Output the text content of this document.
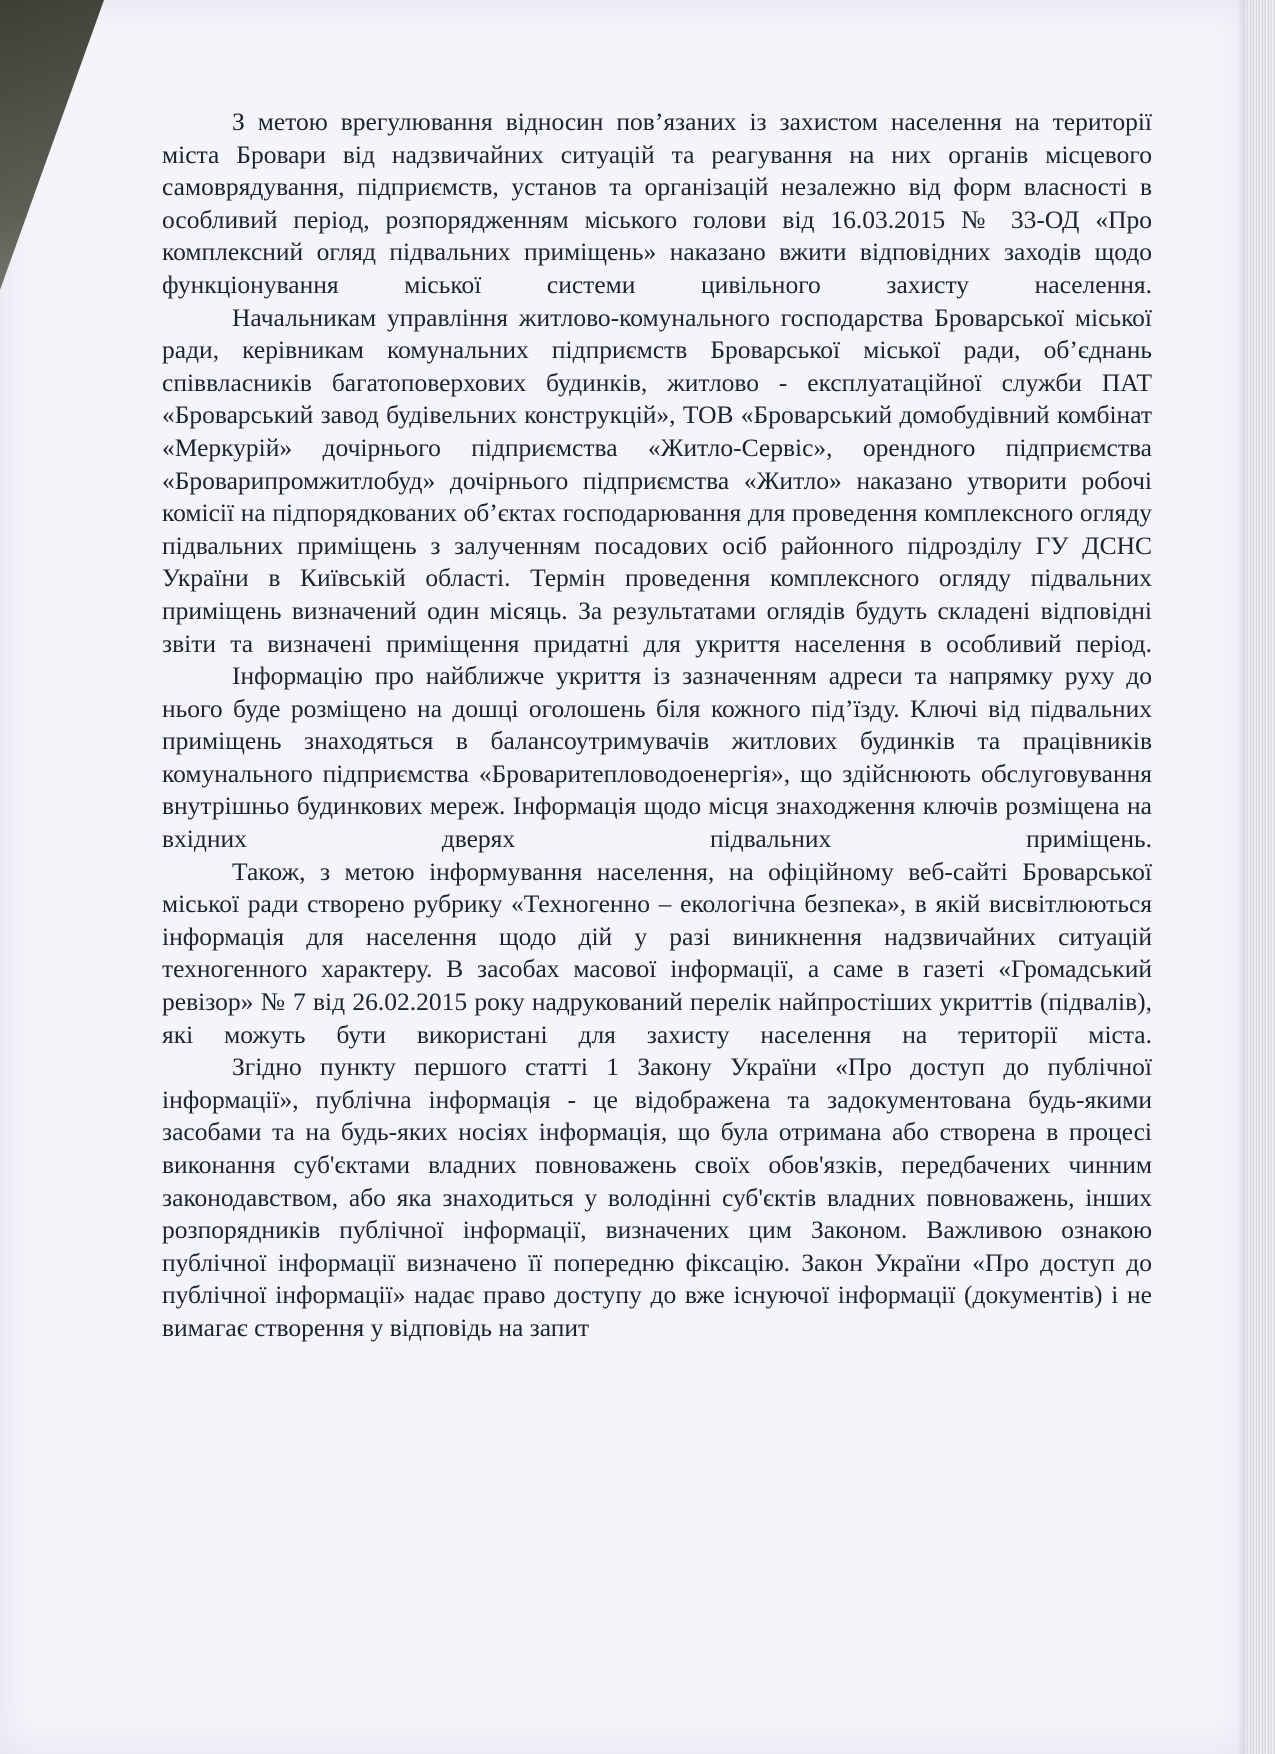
З метою врегулювання відносин пов’язаних із захистом населення на території міста Бровари від надзвичайних ситуацій та реагування на них органів місцевого самоврядування, підприємств, установ та організацій незалежно від форм власності в особливий період, розпорядженням міського голови від 16.03.2015 № 33-ОД «Про комплексний огляд підвальних приміщень» наказано вжити відповідних заходів щодо функціонування міської системи цивільного захисту населення.

Начальникам управління житлово-комунального господарства Броварської міської ради, керівникам комунальних підприємств Броварської міської ради, об’єднань співвласників багатоповерхових будинків, житлово - експлуатаційної служби ПАТ «Броварський завод будівельних конструкцій», ТОВ «Броварський домобудівний комбінат «Меркурій» дочірнього підприємства «Житло-Сервіс», орендного підприємства «Броварипромжитлобуд» дочірнього підприємства «Житло» наказано утворити робочі комісії на підпорядкованих об’єктах господарювання для проведення комплексного огляду підвальних приміщень з залученням посадових осіб районного підрозділу ГУ ДСНС України в Київській області. Термін проведення комплексного огляду підвальних приміщень визначений один місяць. За результатами оглядів будуть складені відповідні звіти та визначені приміщення придатні для укриття населення в особливий період.

Інформацію про найближче укриття із зазначенням адреси та напрямку руху до нього буде розміщено на дошці оголошень біля кожного під’їзду. Ключі від підвальних приміщень знаходяться в балансоутримувачів житлових будинків та працівників комунального підприємства «Броваритепловодоенергія», що здійснюють обслуговування внутрішньо будинкових мереж. Інформація щодо місця знаходження ключів розміщена на вхідних дверях підвальних приміщень.

Також, з метою інформування населення, на офіційному веб-сайті Броварської міської ради створено рубрику «Техногенно – екологічна безпека», в якій висвітлюються інформація для населення щодо дій у разі виникнення надзвичайних ситуацій техногенного характеру. В засобах масової інформації, а саме в газеті «Громадський ревізор» № 7 від 26.02.2015 року надрукований перелік найпростіших укриттів (підвалів), які можуть бути використані для захисту населення на території міста.

Згідно пункту першого статті 1 Закону України «Про доступ до публічної інформації», публічна інформація - це відображена та задокументована будь-якими засобами та на будь-яких носіях інформація, що була отримана або створена в процесі виконання суб'єктами владних повноважень своїх обов'язків, передбачених чинним законодавством, або яка знаходиться у володінні суб'єктів владних повноважень, інших розпорядників публічної інформації, визначених цим Законом. Важливою ознакою публічної інформації визначено її попередню фіксацію. Закон України «Про доступ до публічної інформації» надає право доступу до вже існуючої інформації (документів) і не вимагає створення у відповідь на запит
